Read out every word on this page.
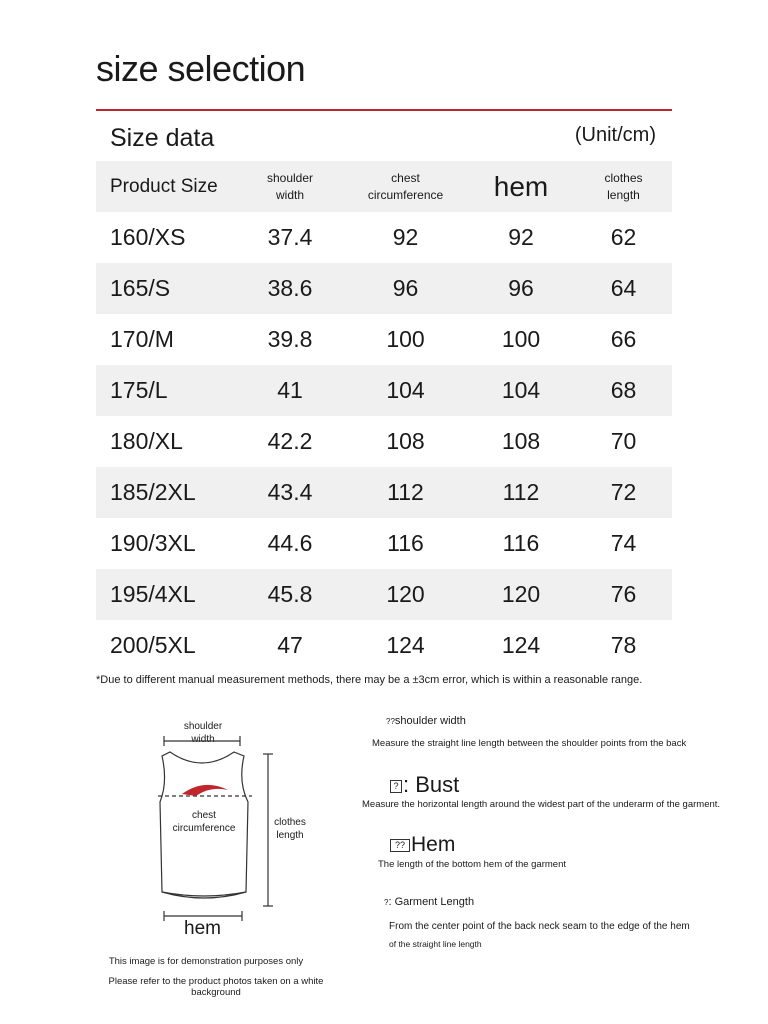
size selection
Size data	(Unit/cm)
Product Size	shoulder
width
chest
circumference	hem	clothes
length
160/XS	37.4	92	92	62
165/S	38.6	96	96	64
170/M	39.8	100	100	66
175/L	41	104	104	68
180/XL	42.2	108	108	70
185/2XL	43.4	112	112	72
190/3XL	44.6	116	116	74
195/4XL	45.8	120	120	76
200/5XL	47	124	124	78
*Due to different manual measurement methods, there may be a ±3cm error, which is within a reasonable range.
shoulder
width
chest
circumference
clothes
length
hem
This image is for demonstration purposes only
Please refer to the product photos taken on a white background
??shoulder width
Measure the straight line length between the shoulder points from the back
? : Bust
Measure the horizontal length around the widest part of the underarm of the garment.
?? Hem
The length of the bottom hem of the garment
?: Garment Length
From the center point of the back neck seam to the edge of the hem
of the straight line length
